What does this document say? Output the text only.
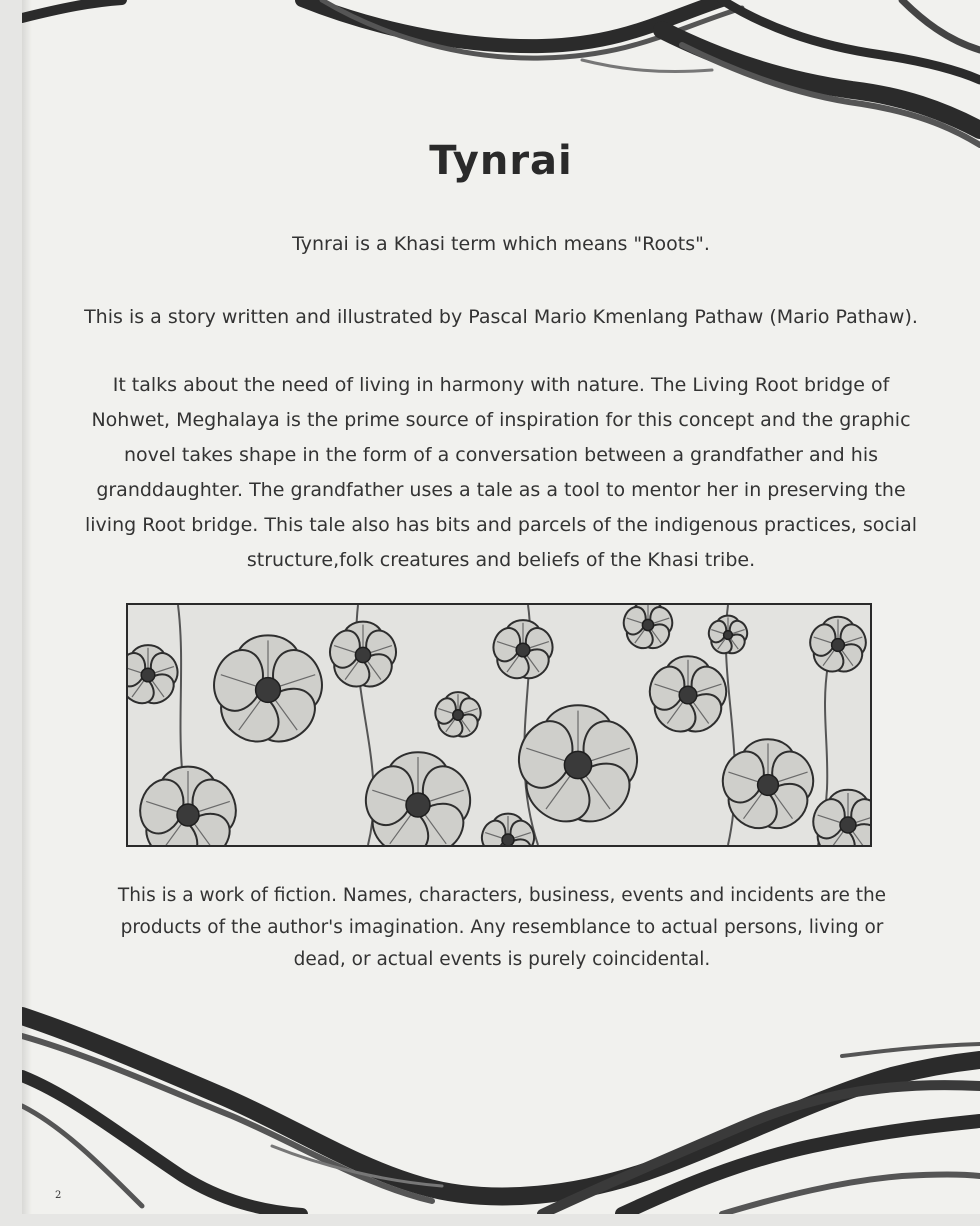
Tynrai

Tynrai is a Khasi term which means "Roots".

This is a story written and illustrated by Pascal Mario Kmenlang Pathaw (Mario Pathaw).

It talks about the need of living in harmony with nature. The Living Root bridge of Nohwet, Meghalaya is the prime source of inspiration for this concept and the graphic novel takes shape in the form of a conversation between a grandfather and his granddaughter. The grandfather uses a tale as a tool to mentor her in preserving the living Root bridge. This tale also has bits and parcels of the indigenous practices, social structure,folk creatures and beliefs of the Khasi tribe.

This is a work of fiction. Names, characters, business, events and incidents are the products of the author's imagination. Any resemblance to actual persons, living or dead, or actual events is purely coincidental.

2
